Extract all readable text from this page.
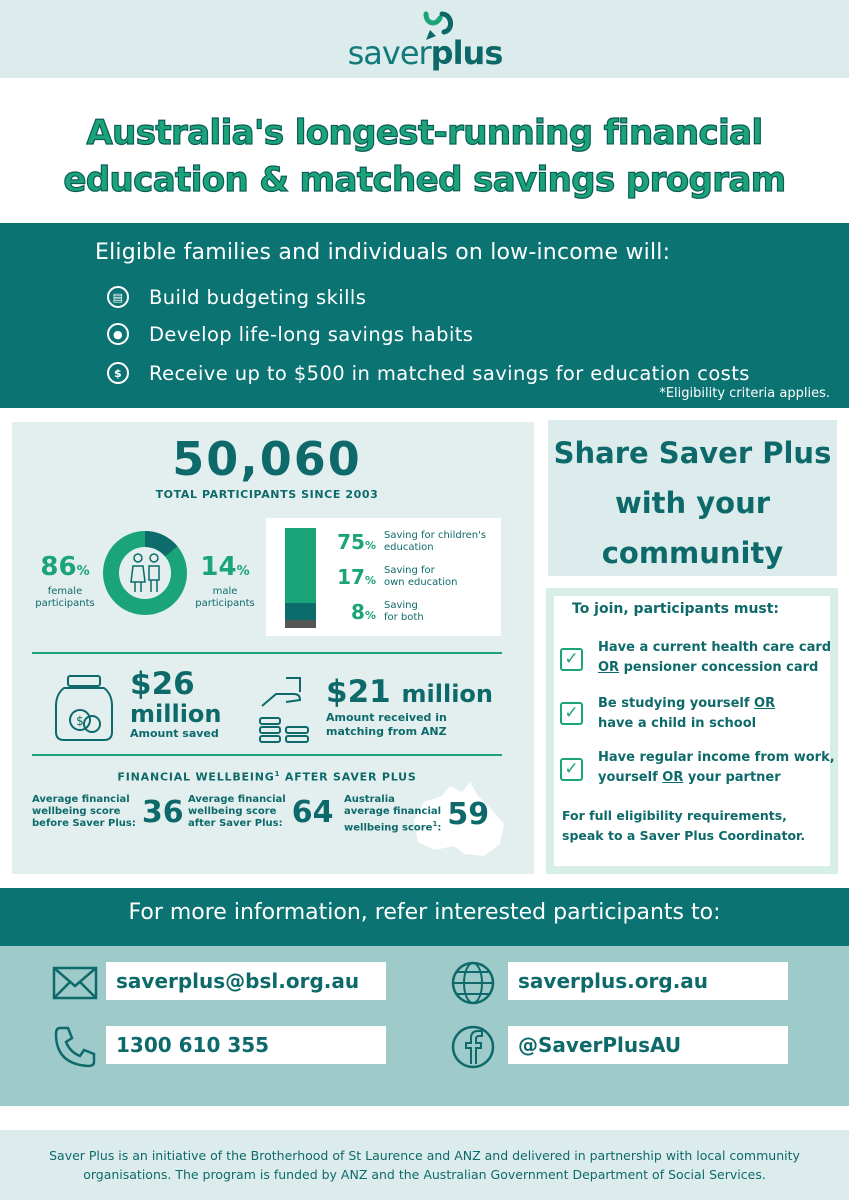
saverplus
Australia's longest-running financial
education & matched savings program
Eligible families and individuals on low-income will:
▤ Build budgeting skills
●	Develop life-long savings habits
$	Receive up to $500 in matched savings for education costs
*Eligibility criteria applies.
50,060
TOTAL PARTICIPANTS SINCE 2003
86%
female
participants
14%
male
participants
75%
Saving for children's
education
17%
Saving for
own education
8%
Saving
for both
$
$26
million
Amount saved
$21 million
Amount received in
matching from ANZ
FINANCIAL WELLBEING$^1$ AFTER SAVER PLUS
Average financial
wellbeing score
before Saver Plus: 36 Average financial
wellbeing score
after Saver Plus: 64 Australia
average financial
wellbeing score$^1$: 59
Share Saver Plus
with your
community
To join, participants must:
✓
Have a current health care card
OR pensioner concession card
✓	Be studying yourself OR
have a child in school
✓
Have regular income from work,
yourself OR your partner
For full eligibility requirements, speak to a Saver Plus Coordinator.
For more information, refer interested participants to:
saverplus@bsl.org.au
1300 610 355
saverplus.org.au
@SaverPlusAU
Saver Plus is an initiative of the Brotherhood of St Laurence and ANZ and delivered in partnership with local community organisations. The program is funded by ANZ and the Australian Government Department of Social Services.
